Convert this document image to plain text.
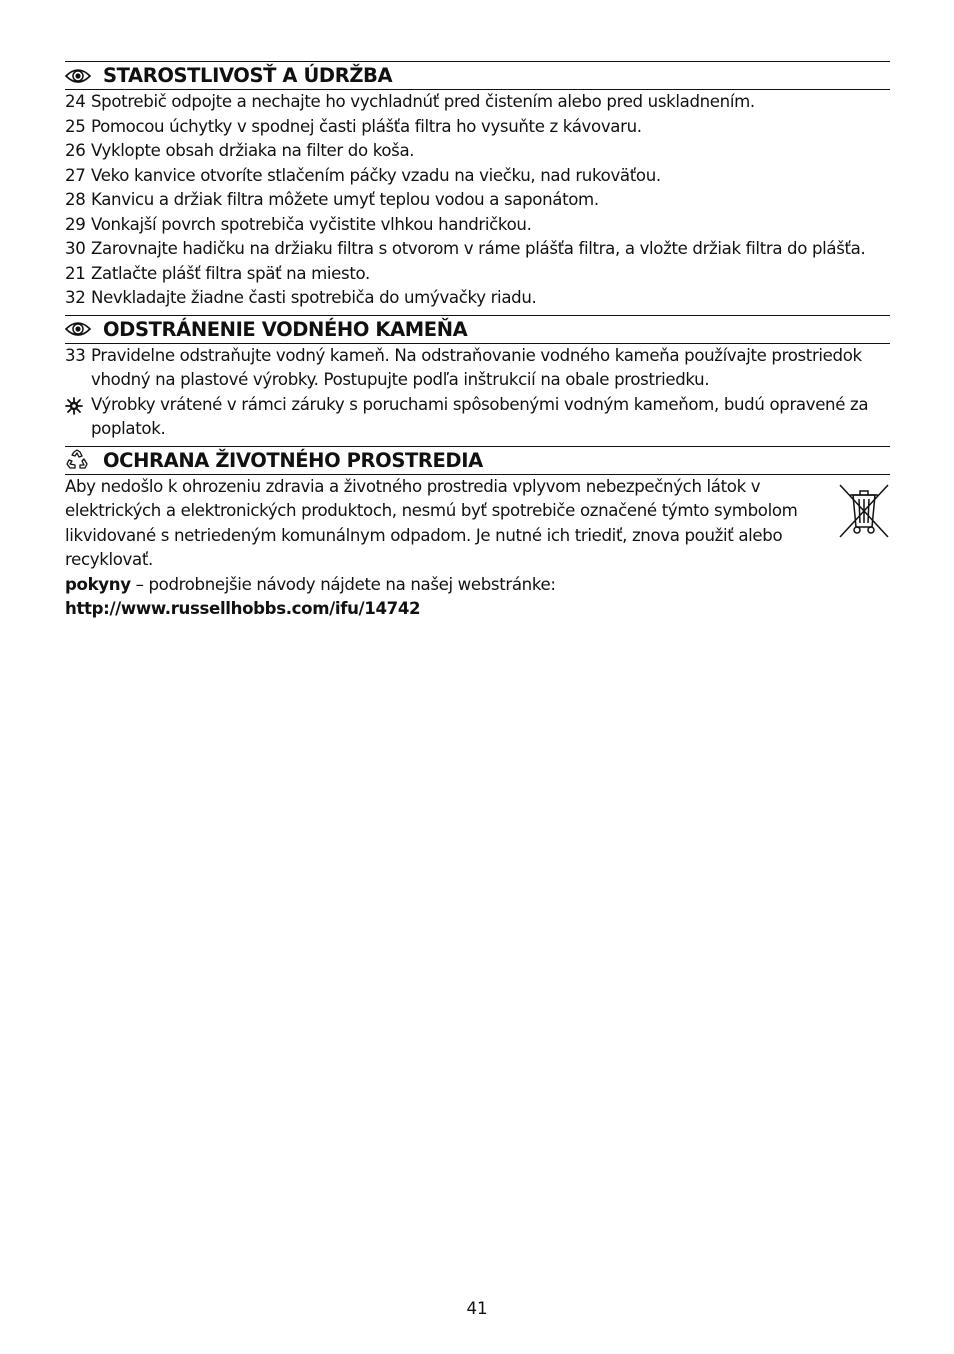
STAROSTLIVOSŤ A ÚDRŽBA
24 Spotrebič odpojte a nechajte ho vychladnúť pred čistením alebo pred uskladnením.
25 Pomocou úchytky v spodnej časti plášťa filtra ho vysuňte z kávovaru.
26 Vyklopte obsah držiaka na filter do koša.
27 Veko kanvice otvoríte stlačením páčky vzadu na viečku, nad rukoväťou.
28 Kanvicu a držiak filtra môžete umyť teplou vodou a saponátom.
29 Vonkajší povrch spotrebiča vyčistite vlhkou handričkou.
30 Zarovnajte hadičku na držiaku filtra s otvorom v ráme plášťa filtra, a vložte držiak filtra do plášťa.
21 Zatlačte plášť filtra späť na miesto.
32 Nevkladajte žiadne časti spotrebiča do umývačky riadu.
ODSTRÁNENIE VODNÉHO KAMEŇA
33 Pravidelne odstraňujte vodný kameň. Na odstraňovanie vodného kameňa používajte prostriedok vhodný na plastové výrobky. Postupujte podľa inštrukcií na obale prostriedku.
Výrobky vrátené v rámci záruky s poruchami spôsobenými vodným kameňom, budú opravené za poplatok.
OCHRANA ŽIVOTNÉHO PROSTREDIA
Aby nedošlo k ohrozeniu zdravia a životného prostredia vplyvom nebezpečných látok v elektrických a elektronických produktoch, nesmú byť spotrebiče označené týmto symbolom likvidované s netriedeným komunálnym odpadom. Je nutné ich triediť, znova použiť alebo recyklovať.
pokyny – podrobnejšie návody nájdete na našej webstránke:
http://www.russellhobbs.com/ifu/14742
41
